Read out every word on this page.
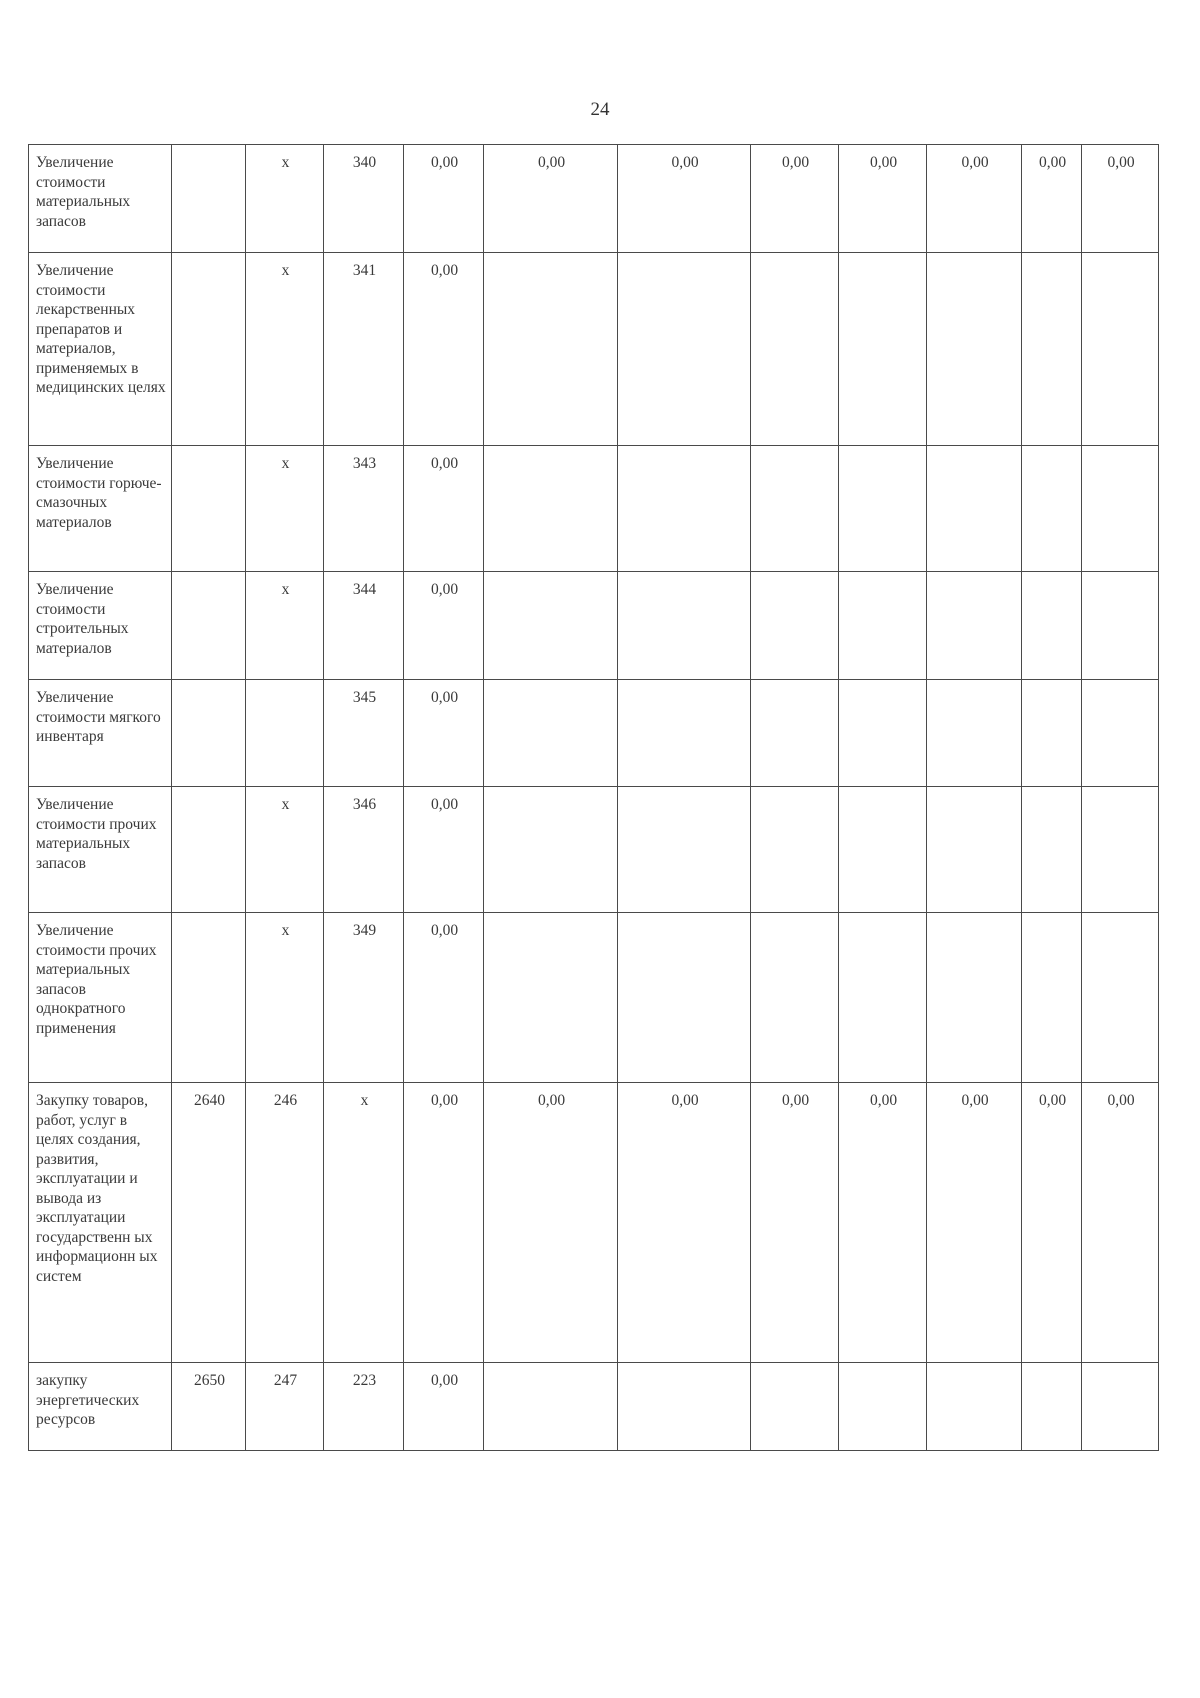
24
Увеличение стоимости материальных запасов		х	340	0,00	0,00	0,00	0,00	0,00	0,00	0,00	0,00
Увеличение стоимости лекарственных препаратов и материалов, применяемых в медицинских целях		х	341	0,00							
Увеличение стоимости горюче-смазочных материалов		х	343	0,00							
Увеличение стоимости строительных материалов		х	344	0,00							
Увеличение стоимости мягкого инвентаря			345	0,00							
Увеличение стоимости прочих материальных запасов		х	346	0,00							
Увеличение стоимости прочих материальных запасов однократного применения		х	349	0,00							
Закупку товаров, работ, услуг в целях создания, развития, эксплуатации и вывода из эксплуатации государственн ых информационн ых систем	2640	246	х	0,00	0,00	0,00	0,00	0,00	0,00	0,00	0,00
закупку энергетических ресурсов	2650	247	223	0,00							
